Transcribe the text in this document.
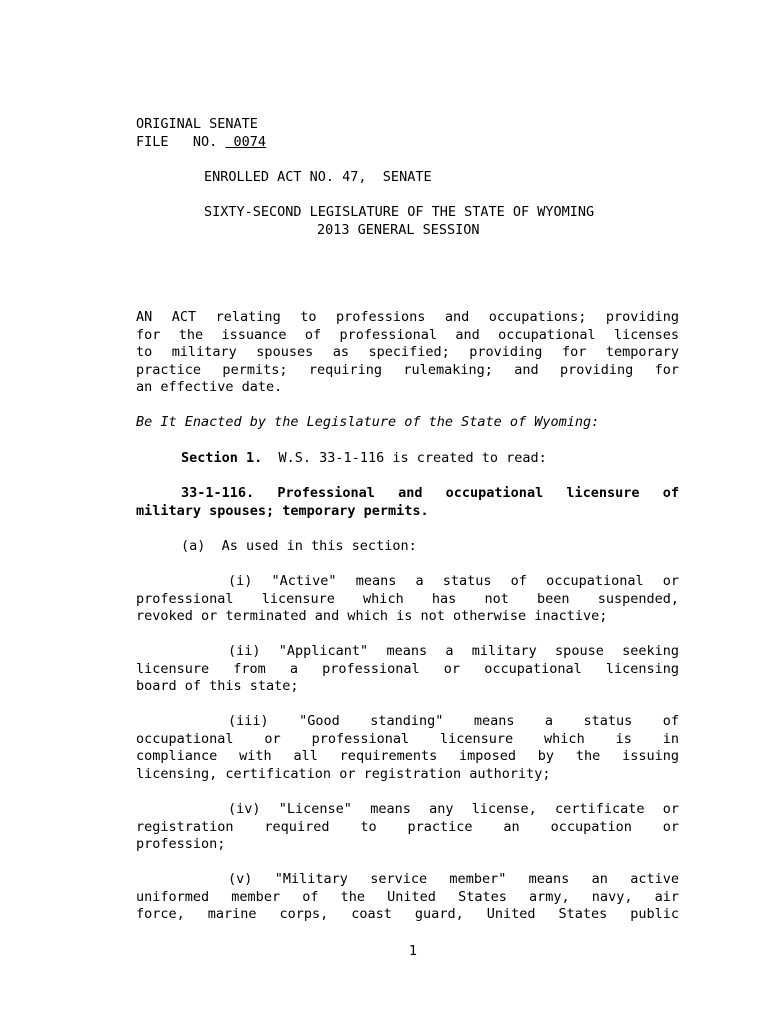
ORIGINAL SENATE
FILE   NO.  0074
ENROLLED ACT NO. 47,  SENATE
SIXTY-SECOND LEGISLATURE OF THE STATE OF WYOMING
2013 GENERAL SESSION
AN ACT relating to professions and occupations; providing
for the issuance of professional and occupational licenses
to military spouses as specified; providing for temporary
practice permits; requiring rulemaking; and providing for
an effective date.
Be It Enacted by the Legislature of the State of Wyoming:
Section 1.  W.S. 33-1-116 is created to read:
33-1-116. Professional and occupational licensure of
military spouses; temporary permits.
(a)  As used in this section:
(i) "Active" means a status of occupational or
professional licensure which has not been suspended,
revoked or terminated and which is not otherwise inactive;
(ii) "Applicant" means a military spouse seeking
licensure from a professional or occupational licensing
board of this state;
(iii) "Good standing" means a status of
occupational or professional licensure which is in
compliance with all requirements imposed by the issuing
licensing, certification or registration authority;
(iv) "License" means any license, certificate or
registration required to practice an occupation or
profession;
(v) "Military service member" means an active
uniformed member of the United States army, navy, air
force, marine corps, coast guard, United States public
1
